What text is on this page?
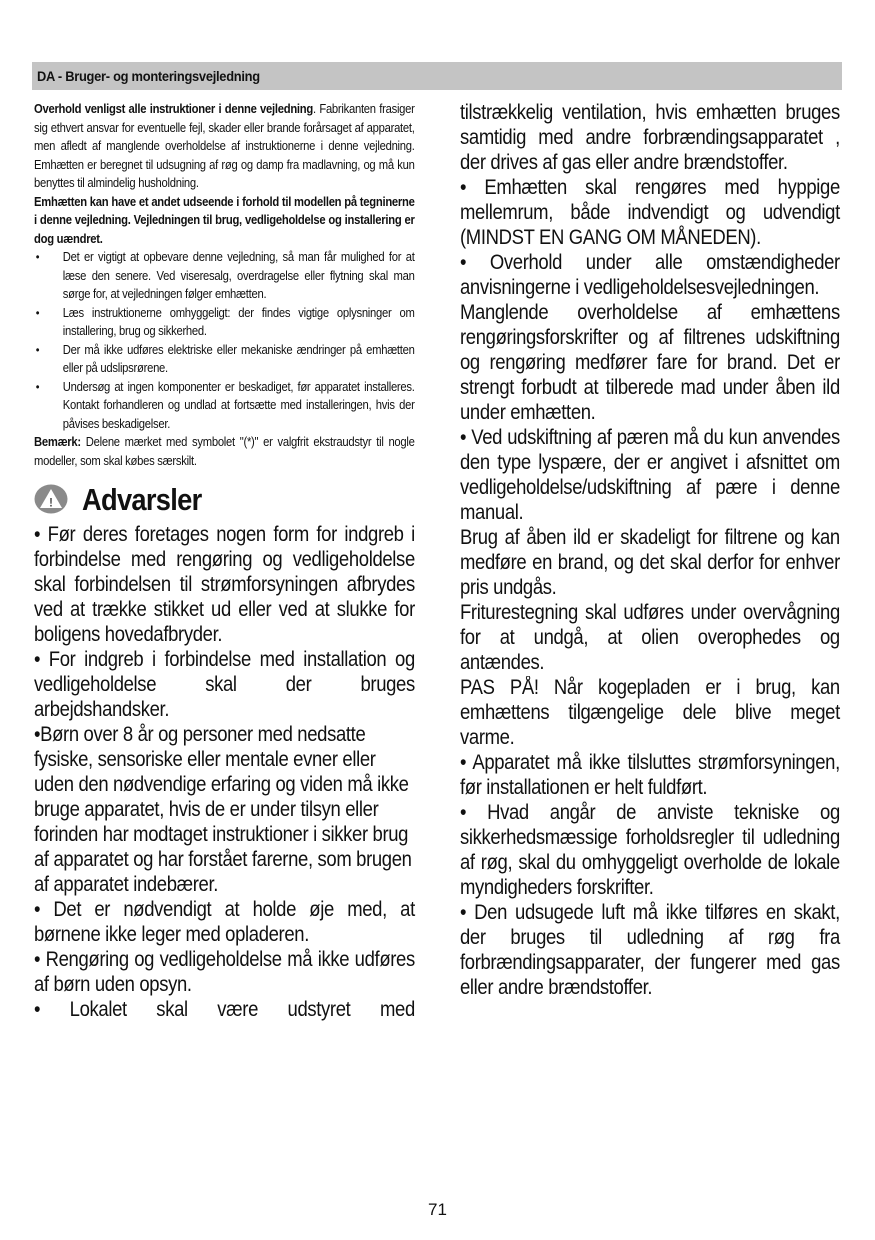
DA - Bruger- og monteringsvejledning

Overhold venligst alle instruktioner i denne vejledning. Fabrikanten frasiger sig ethvert ansvar for eventuelle fejl, skader eller brande forårsaget af apparatet, men afledt af manglende overholdelse af instruktionerne i denne vejledning. Emhætten er beregnet til udsugning af røg og damp fra madlavning, og må kun benyttes til almindelig husholdning.

Emhætten kan have et andet udseende i forhold til modellen på tegninerne i denne vejledning. Vejledningen til brug, vedligeholdelse og installering er dog uændret.

• Det er vigtigt at opbevare denne vejledning, så man får mulighed for at læse den senere. Ved viseresalg, overdragelse eller flytning skal man sørge for, at vejledningen følger emhætten.
• Læs instruktionerne omhyggeligt: der findes vigtige oplysninger om installering, brug og sikkerhed.
• Der må ikke udføres elektriske eller mekaniske ændringer på emhætten eller på udslipsrørene.
• Undersøg at ingen komponenter er beskadiget, før apparatet installeres. Kontakt forhandleren og undlad at fortsætte med installeringen, hvis der påvises beskadigelser.

Bemærk: Delene mærket med symbolet "(*)" er valgfrit ekstraudstyr til nogle modeller, som skal købes særskilt.

! Advarsler

• Før deres foretages nogen form for indgreb i forbindelse med rengøring og vedligeholdelse skal forbindelsen til strømforsyningen afbrydes ved at trække stikket ud eller ved at slukke for boligens hovedafbryder.

• For indgreb i forbindelse med installation og vedligeholdelse skal der bruges arbejdshandsker.

•Børn over 8 år og personer med nedsatte fysiske, sensoriske eller mentale evner eller uden den nødvendige erfaring og viden må ikke bruge apparatet, hvis de er under tilsyn eller forinden har modtaget instruktioner i sikker brug af apparatet og har forstået farerne, som brugen af apparatet indebærer.

• Det er nødvendigt at holde øje med, at børnene ikke leger med opladeren.

• Rengøring og vedligeholdelse må ikke udføres af børn uden opsyn.

• Lokalet skal være udstyret med

tilstrækkelig ventilation, hvis emhætten bruges samtidig med andre forbrændingsapparatet , der drives af gas eller andre brændstoffer.

• Emhætten skal rengøres med hyppige mellemrum, både indvendigt og udvendigt (MINDST EN GANG OM MÅNEDEN).

• Overhold under alle omstændigheder anvisningerne i vedligeholdelsesvejledningen.

Manglende overholdelse af emhættens rengøringsforskrifter og af filtrenes udskiftning og rengøring medfører fare for brand. Det er strengt forbudt at tilberede mad under åben ild under emhætten.

• Ved udskiftning af pæren må du kun anvendes den type lyspære, der er angivet i afsnittet om vedligeholdelse/udskiftning af pære i denne manual.

Brug af åben ild er skadeligt for filtrene og kan medføre en brand, og det skal derfor for enhver pris undgås.

Friturestegning skal udføres under overvågning for at undgå, at olien overophedes og antændes.

PAS PÅ! Når kogepladen er i brug, kan emhættens tilgængelige dele blive meget varme.

• Apparatet må ikke tilsluttes strømforsyningen, før installationen er helt fuldført.

• Hvad angår de anviste tekniske og sikkerhedsmæssige forholdsregler til udledning af røg, skal du omhyggeligt overholde de lokale myndigheders forskrifter.

• Den udsugede luft må ikke tilføres en skakt, der bruges til udledning af røg fra forbrændingsapparater, der fungerer med gas eller andre brændstoffer.

71
